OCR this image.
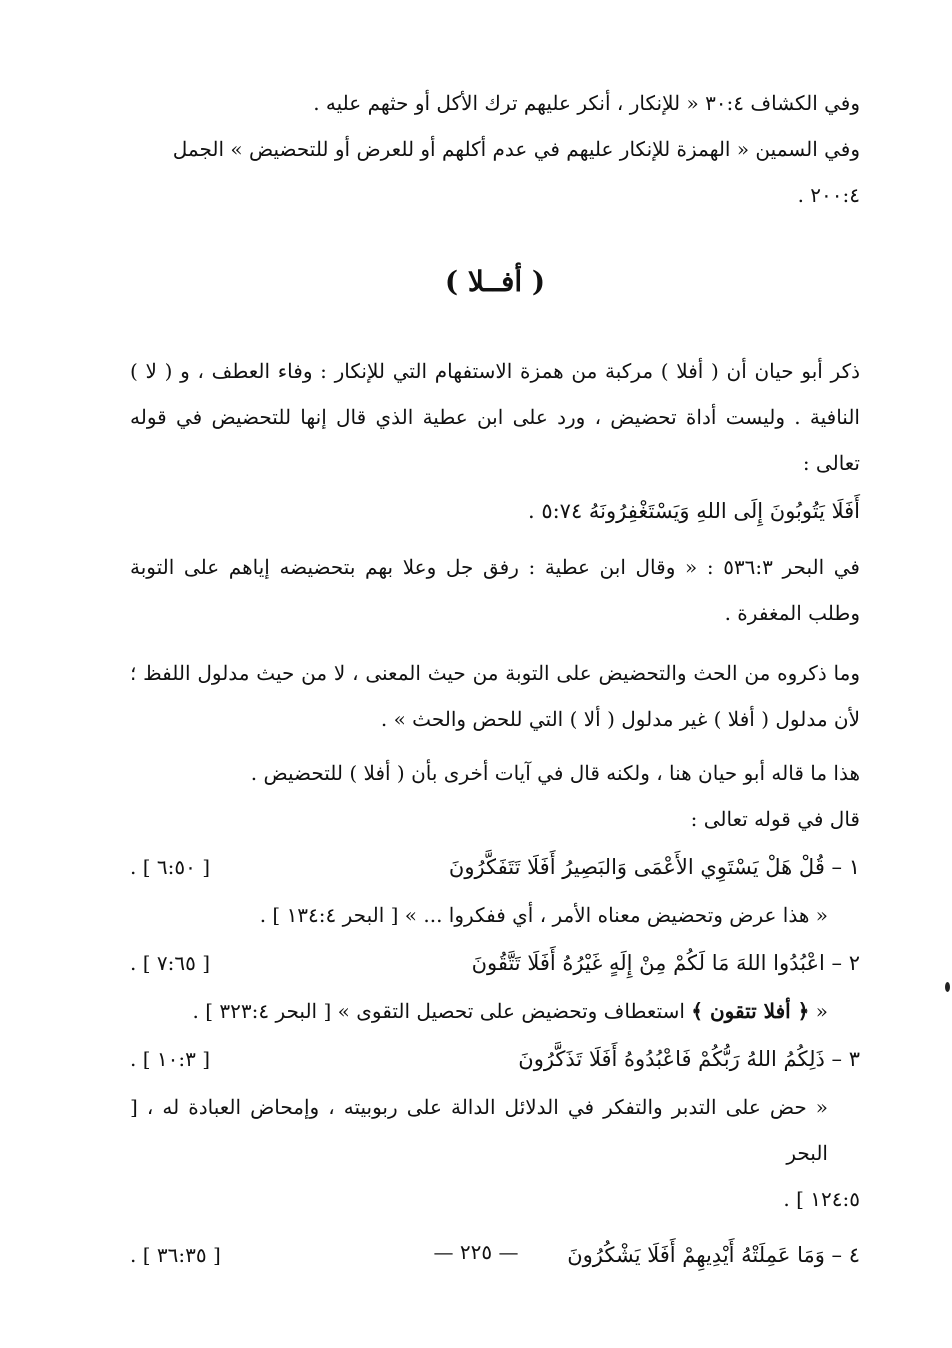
وفي الكشاف ٣٠:٤ « للإنكار ، أنكر عليهم ترك الأكل أو حثهم عليه .

وفي السمين « الهمزة للإنكار عليهم في عدم أكلهم أو للعرض أو للتحضيض » الجمل

٢٠٠:٤ .

( أفــلا )

ذكر أبو حيان أن ( أفلا ) مركبة من همزة الاستفهام التي للإنكار : وفاء العطف ، و ( لا ) النافية . وليست أداة تحضيض ، ورد على ابن عطية الذي قال إنها للتحضيض في قوله تعالى :

أَفَلَا يَتُوبُونَ إِلَى اللهِ وَيَسْتَغْفِرُونَهُ ٥:٧٤ .

في البحر ٥٣٦:٣ : « وقال ابن عطية : رفق جل وعلا بهم بتحضيضه إياهم على التوبة وطلب المغفرة .

وما ذكروه من الحث والتحضيض على التوبة من حيث المعنى ، لا من حيث مدلول اللفظ ؛ لأن مدلول ( أفلا ) غير مدلول ( ألا ) التي للحض والحث » .

هذا ما قاله أبو حيان هنا ، ولكنه قال في آيات أخرى بأن ( أفلا ) للتحضيض .

قال في قوله تعالى :

١ – قُلْ هَلْ يَسْتَوِي الأَعْمَى وَالبَصِيرُ أَفَلَا تَتَفَكَّرُونَ
[ ٦:٥٠ ] .

« هذا عرض وتحضيض معناه الأمر ، أي ففكروا ... » [ البحر ١٣٤:٤ ] .

٢ – اعْبُدُوا اللهَ مَا لَكُمْ مِنْ إِلَهٍ غَيْرُهُ أَفَلَا تَتَّقُونَ
[ ٧:٦٥ ] .

« ﴿ أفلا تتقون ﴾ استعطاف وتحضيض على تحصيل التقوى » [ البحر ٣٢٣:٤ ] .

٣ – ذَلِكُمُ اللهُ رَبُّكُمْ فَاعْبُدُوهُ أَفَلَا تَذَكَّرُونَ
[ ١٠:٣ ] .

« حض على التدبر والتفكر في الدلائل الدالة على ربوبيته ، وإمحاض العبادة له ، [ البحر

١٢٤:٥ ] .

٤ – وَمَا عَمِلَتْهُ أَيْدِيهِمْ أَفَلَا يَشْكُرُونَ
[ ٣٦:٣٥ ] .	— ٢٢٥ —
